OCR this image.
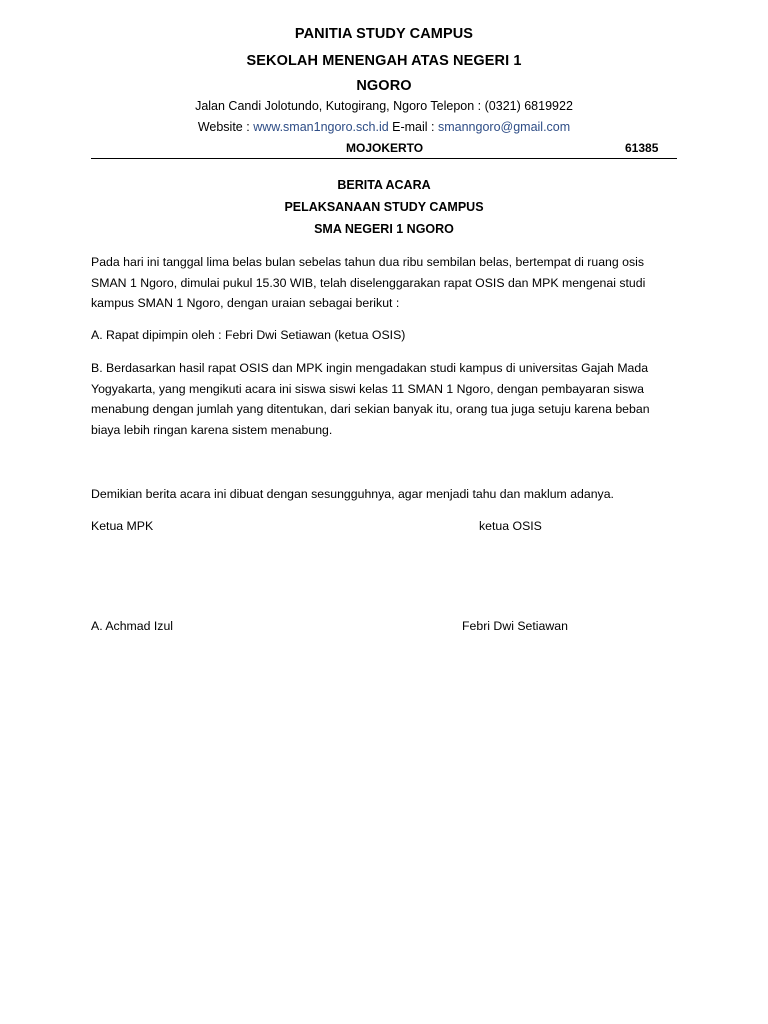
PANITIA STUDY CAMPUS
SEKOLAH MENENGAH ATAS NEGERI 1
NGORO
Jalan Candi Jolotundo, Kutogirang, Ngoro Telepon : (0321) 6819922
Website : www.sman1ngoro.sch.id E-mail : smanngoro@gmail.com
MOJOKERTO	61385
BERITA ACARA
PELAKSANAAN STUDY CAMPUS
SMA NEGERI 1 NGORO

Pada hari ini tanggal lima belas bulan sebelas tahun dua ribu sembilan belas, bertempat di ruang osis
SMAN 1 Ngoro, dimulai pukul 15.30 WIB, telah diselenggarakan rapat OSIS dan MPK mengenai studi
kampus SMAN 1 Ngoro, dengan uraian sebagai berikut :

A. Rapat dipimpin oleh : Febri Dwi Setiawan (ketua OSIS)

B. Berdasarkan hasil rapat OSIS dan MPK ingin mengadakan studi kampus di universitas Gajah Mada
Yogyakarta, yang mengikuti acara ini siswa siswi kelas 11 SMAN 1 Ngoro, dengan pembayaran siswa
menabung dengan jumlah yang ditentukan, dari sekian banyak itu, orang tua juga setuju karena beban
biaya lebih ringan karena sistem menabung.

Demikian berita acara ini dibuat dengan sesungguhnya, agar menjadi tahu dan maklum adanya.

Ketua MPK	ketua OSIS
A. Achmad Izul	Febri Dwi Setiawan
